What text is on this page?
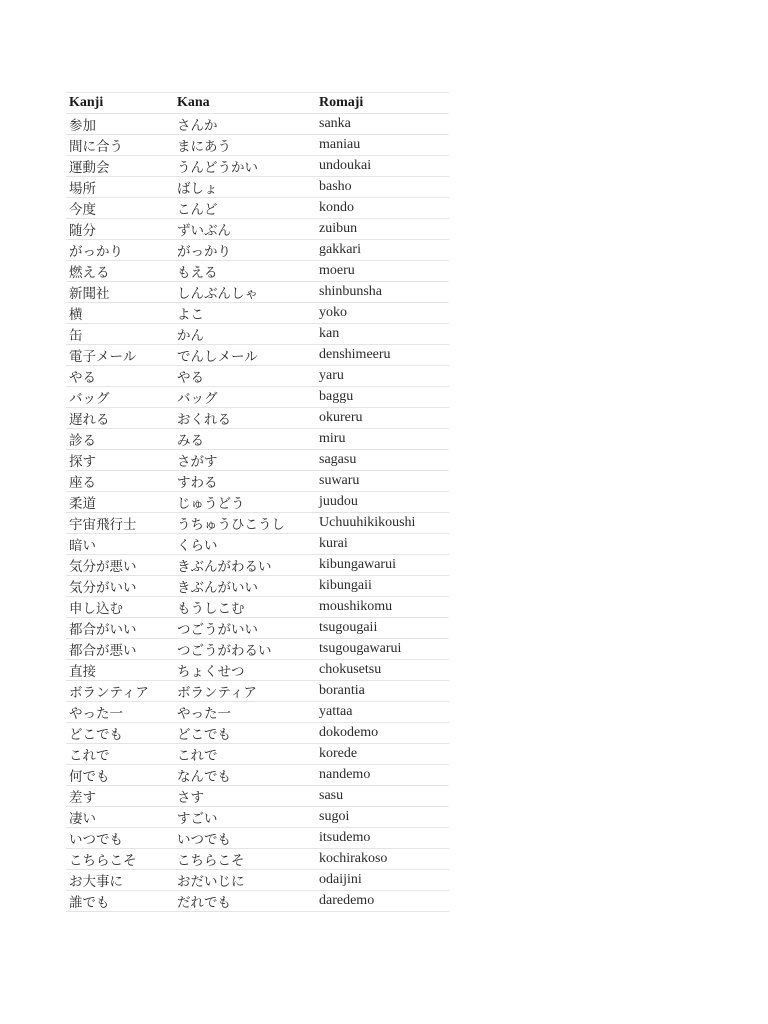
Kanji	Kana	Romaji
参加	さんか	sanka
間に合う	まにあう	maniau
運動会	うんどうかい	undoukai
場所	ばしょ	basho
今度	こんど	kondo
随分	ずいぶん	zuibun
がっかり	がっかり	gakkari
燃える	もえる	moeru
新聞社	しんぶんしゃ	shinbunsha
横	よこ	yoko
缶	かん	kan
電子メール	でんしメール	denshimeeru
やる	やる	yaru
バッグ	バッグ	baggu
遅れる	おくれる	okureru
診る	みる	miru
探す	さがす	sagasu
座る	すわる	suwaru
柔道	じゅうどう	juudou
宇宙飛行士	うちゅうひこうし	Uchuuhikikoushi
暗い	くらい	kurai
気分が悪い	きぶんがわるい	kibungawarui
気分がいい	きぶんがいい	kibungaii
申し込む	もうしこむ	moushikomu
都合がいい	つごうがいい	tsugougaii
都合が悪い	つごうがわるい	tsugougawarui
直接	ちょくせつ	chokusetsu
ボランティア	ボランティア	borantia
やった一	やった一	yattaa
どこでも	どこでも	dokodemo
これで	これで	korede
何でも	なんでも	nandemo
差す	さす	sasu
凄い	すごい	sugoi
いつでも	いつでも	itsudemo
こちらこそ	こちらこそ	kochirakoso
お大事に	おだいじに	odaijini
誰でも	だれでも	daredemo
